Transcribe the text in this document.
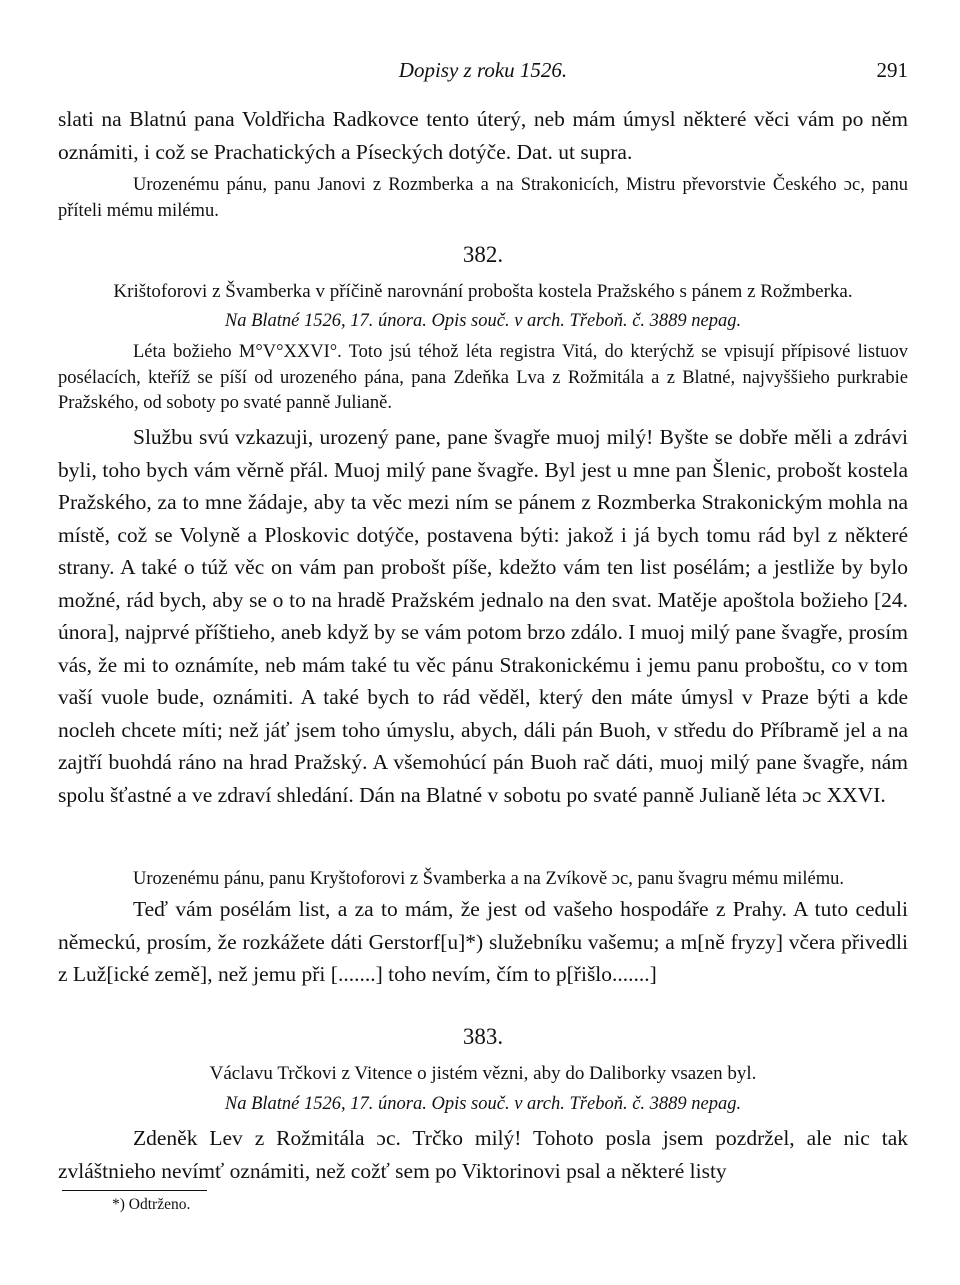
Dopisy z roku 1526.	291

slati na Blatnú pana Voldřicha Radkovce tento úterý, neb mám úmysl některé věci vám po něm oznámiti, i což se Prachatických a Píseckých dotýče. Dat. ut supra.

Urozenému pánu, panu Janovi z Rozmberka a na Strakonicích, Mistru převorstvie Českého ɔc, panu příteli mému milému.

382.
Krištoforovi z Švamberka v příčině narovnání probošta kostela Pražského s pánem z Rožmberka.
Na Blatné 1526, 17. února. Opis souč. v arch. Třeboň. č. 3889 nepag.

Léta božieho M°V°XXVI°. Toto jsú téhož léta registra Vitá, do kterýchž se vpisují přípisové listuov posélacích, kteříž se píší od urozeného pána, pana Zdeňka Lva z Rožmitála a z Blatné, najvyššieho purkrabie Pražského, od soboty po svaté panně Julianě.

Službu svú vzkazuji, urozený pane, pane švagře muoj milý! Byšte se dobře měli a zdrávi byli, toho bych vám věrně přál. Muoj milý pane švagře. Byl jest u mne pan Šlenic, probošt kostela Pražského, za to mne žádaje, aby ta věc mezi ním se pánem z Rozmberka Strakonickým mohla na místě, což se Volyně a Ploskovic dotýče, postavena býti: jakož i já bych tomu rád byl z některé strany. A také o túž věc on vám pan probošt píše, kdežto vám ten list posélám; a jestliže by bylo možné, rád bych, aby se o to na hradě Pražském jednalo na den svat. Matěje apoštola božieho [24. února], najprvé příštieho, aneb když by se vám potom brzo zdálo. I muoj milý pane švagře, prosím vás, že mi to oznámíte, neb mám také tu věc pánu Strakonickému i jemu panu proboštu, co v tom vaší vuole bude, oznámiti. A také bych to rád věděl, který den máte úmysl v Praze býti a kde nocleh chcete míti; než jáť jsem toho úmyslu, abych, dáli pán Buoh, v středu do Příbramě jel a na zajtří buohdá ráno na hrad Pražský. A všemohúcí pán Buoh rač dáti, muoj milý pane švagře, nám spolu šťastné a ve zdraví shledání. Dán na Blatné v sobotu po svaté panně Julianě léta ɔc XXVI.

Urozenému pánu, panu Kryštoforovi z Švamberka a na Zvíkově ɔc, panu švagru mému milému.

Teď vám posélám list, a za to mám, že jest od vašeho hospodáře z Prahy. A tuto ceduli německú, prosím, že rozkážete dáti Gerstorf[u]*) služebníku vašemu; a m[ně fryzy] včera přivedli z Luž[ické země], než jemu při [.......] toho nevím, čím to p[řišlo.......]

383.
Václavu Trčkovi z Vitence o jistém vězni, aby do Daliborky vsazen byl.
Na Blatné 1526, 17. února. Opis souč. v arch. Třeboň. č. 3889 nepag.

Zdeněk Lev z Rožmitála ɔc. Trčko milý! Tohoto posla jsem pozdržel, ale nic tak zvláštnieho nevímť oznámiti, než cožť sem po Viktorinovi psal a některé listy

*) Odtrženo.
